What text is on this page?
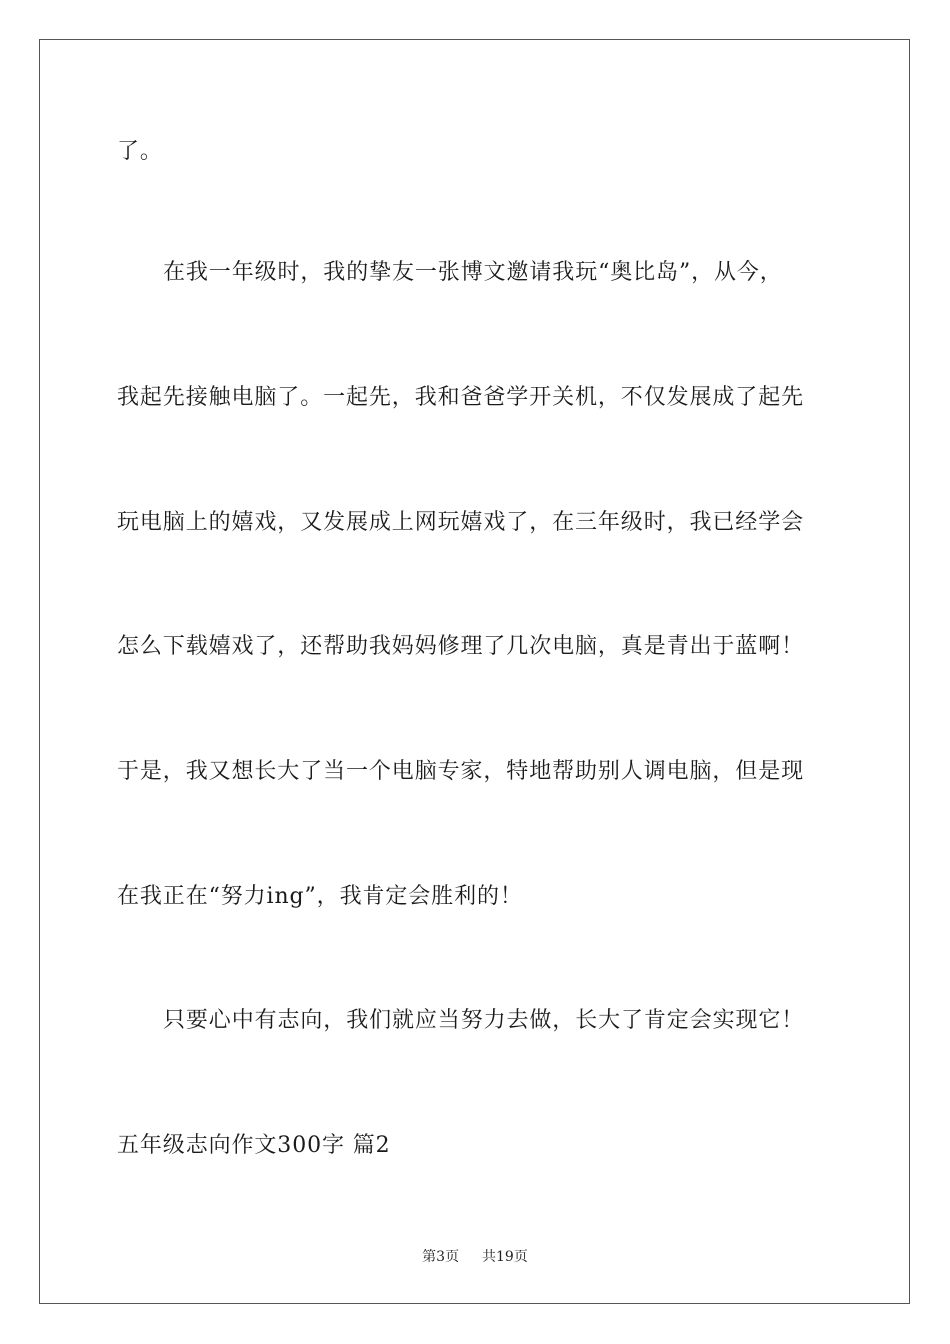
了。
在我一年级时，我的挚友一张博文邀请我玩“奥比岛”，从今，
我起先接触电脑了。一起先，我和爸爸学开关机，不仅发展成了起先
玩电脑上的嬉戏，又发展成上网玩嬉戏了，在三年级时，我已经学会
怎么下载嬉戏了，还帮助我妈妈修理了几次电脑，真是青出于蓝啊！
于是，我又想长大了当一个电脑专家，特地帮助别人调电脑，但是现
在我正在“努力ing”，我肯定会胜利的！
只要心中有志向，我们就应当努力去做，长大了肯定会实现它！
五年级志向作文300字 篇2
第3页 共19页
